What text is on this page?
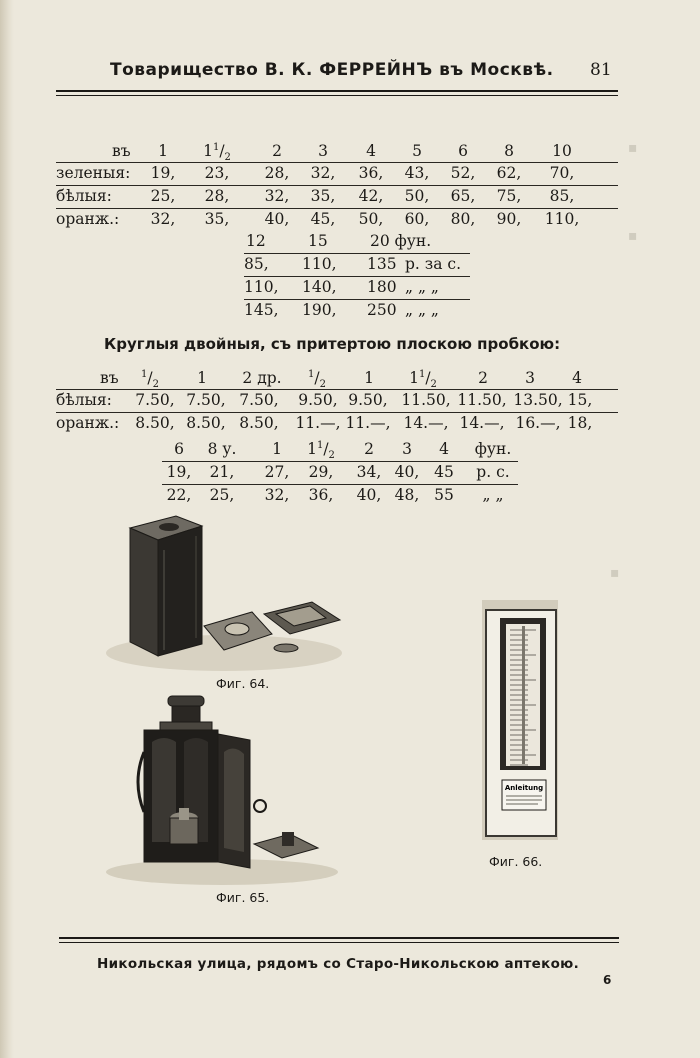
▪
▪
▪
Товарищество В. К. ФЕРРЕЙНЪ въ Москвѣ. 81
въ	1	$1^1/_2$	2	3	4	5	6	8	10
зеленыя:	19,	23,	28,	32,	36,	43,	52,	62,	70,
бѣлыя:	25,	28,	32,	35,	42,	50,	65,	75,	85,
оранж.:	32,	35,	40,	45,	50,	60,	80,	90,	110,
12	15	20 фун.
85, 110, 135 р. за с.
110, 140, 180 „ „ „
145, 190, 250 „ „ „
Круглыя двойныя, съ притертою плоскою пробкою:
въ	$^1/_2$	1	2 др.	$^1/_2$	1	$1^1/_2$	2	3	4
бѣлыя:	7.50, 7.50, 7.50,	9.50, 9.50, 11.50, 11.50, 13.50, 15,
оранж.:	8.50, 8.50, 8.50,	11.—, 11.—, 14.—, 14.—, 16.—, 18,
6	8 у.	1	$1^1/_2$	2	3	4	фун.
19,	21,	27,	29,	34, 40, 45	р. с.
22,	25,	32,	36,	40, 48, 55	„ „
Фиг. 64.
Фиг. 65.
Anleitung
Фиг. 66.
Никольская улица, рядомъ со Старо-Никольскою аптекою.
6
